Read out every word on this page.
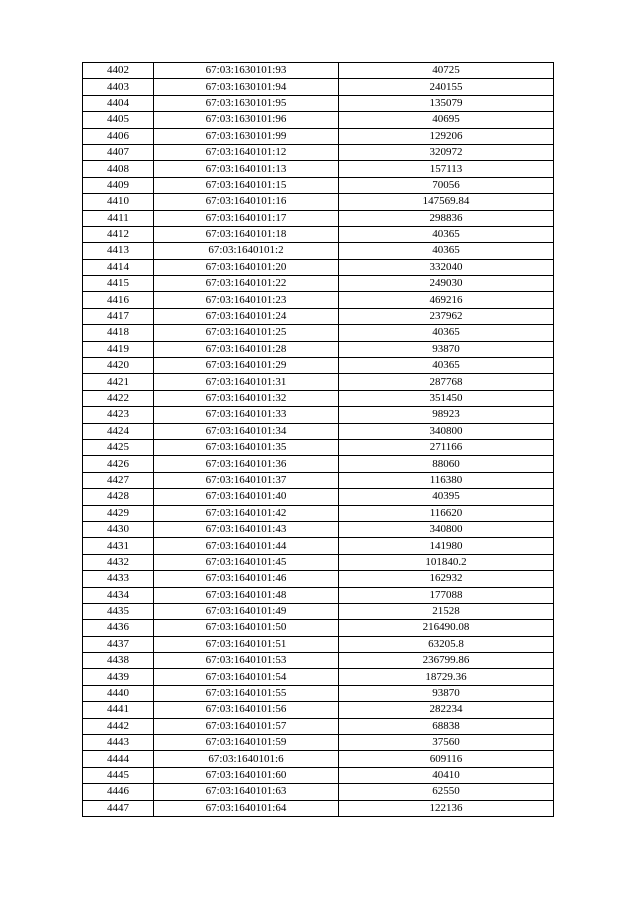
4402	67:03:1630101:93	40725
4403	67:03:1630101:94	240155
4404	67:03:1630101:95	135079
4405	67:03:1630101:96	40695
4406	67:03:1630101:99	129206
4407	67:03:1640101:12	320972
4408	67:03:1640101:13	157113
4409	67:03:1640101:15	70056
4410	67:03:1640101:16	147569.84
4411	67:03:1640101:17	298836
4412	67:03:1640101:18	40365
4413	67:03:1640101:2	40365
4414	67:03:1640101:20	332040
4415	67:03:1640101:22	249030
4416	67:03:1640101:23	469216
4417	67:03:1640101:24	237962
4418	67:03:1640101:25	40365
4419	67:03:1640101:28	93870
4420	67:03:1640101:29	40365
4421	67:03:1640101:31	287768
4422	67:03:1640101:32	351450
4423	67:03:1640101:33	98923
4424	67:03:1640101:34	340800
4425	67:03:1640101:35	271166
4426	67:03:1640101:36	88060
4427	67:03:1640101:37	116380
4428	67:03:1640101:40	40395
4429	67:03:1640101:42	116620
4430	67:03:1640101:43	340800
4431	67:03:1640101:44	141980
4432	67:03:1640101:45	101840.2
4433	67:03:1640101:46	162932
4434	67:03:1640101:48	177088
4435	67:03:1640101:49	21528
4436	67:03:1640101:50	216490.08
4437	67:03:1640101:51	63205.8
4438	67:03:1640101:53	236799.86
4439	67:03:1640101:54	18729.36
4440	67:03:1640101:55	93870
4441	67:03:1640101:56	282234
4442	67:03:1640101:57	68838
4443	67:03:1640101:59	37560
4444	67:03:1640101:6	609116
4445	67:03:1640101:60	40410
4446	67:03:1640101:63	62550
4447	67:03:1640101:64	122136
